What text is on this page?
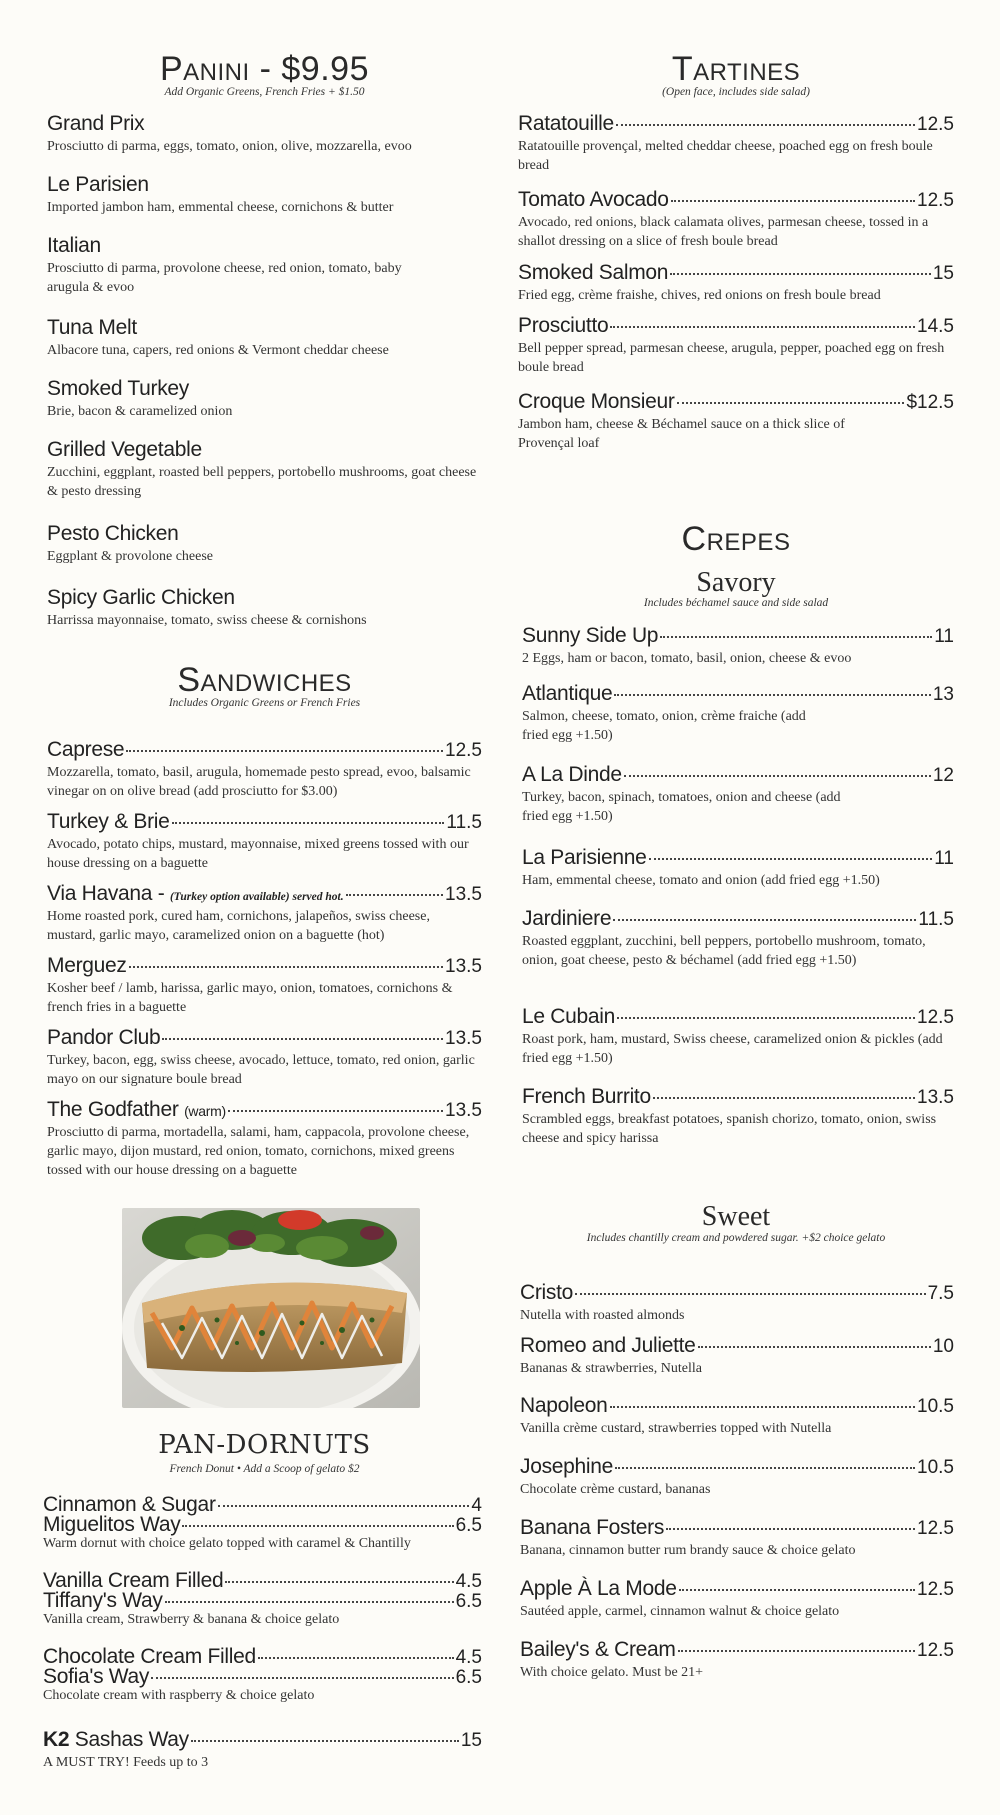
Panini - $9.95
Add Organic Greens, French Fries + $1.50
Grand Prix
Prosciutto di parma, eggs, tomato, onion, olive, mozzarella, evoo
Le Parisien
Imported jambon ham, emmental cheese, cornichons & butter
Italian
Prosciutto di parma, provolone cheese, red onion, tomato, baby arugula & evoo
Tuna Melt
Albacore tuna, capers, red onions & Vermont cheddar cheese
Smoked Turkey
Brie, bacon & caramelized onion
Grilled Vegetable
Zucchini, eggplant, roasted bell peppers, portobello mushrooms, goat cheese & pesto dressing
Pesto Chicken
Eggplant & provolone cheese
Spicy Garlic Chicken
Harrissa mayonnaise, tomato, swiss cheese & cornishons
Sandwiches
Includes Organic Greens or French Fries
Caprese	12.5
Mozzarella, tomato, basil, arugula, homemade pesto spread, evoo, balsamic vinegar on on olive bread (add prosciutto for $3.00)
Turkey & Brie	11.5
Avocado, potato chips, mustard, mayonnaise, mixed greens tossed with our house dressing on a baguette
Via Havana - (Turkey option available) served hot.	13.5
Home roasted pork, cured ham, cornichons, jalapeños, swiss cheese, mustard, garlic mayo, caramelized onion on a baguette (hot)
Merguez	13.5
Kosher beef / lamb, harissa, garlic mayo, onion, tomatoes, cornichons & french fries in a baguette
Pandor Club	13.5
Turkey, bacon, egg, swiss cheese, avocado, lettuce, tomato, red onion, garlic mayo on our signature boule bread
The Godfather (warm)	13.5
Prosciutto di parma, mortadella, salami, ham, cappacola, provolone cheese, garlic mayo, dijon mustard, red onion, tomato, cornichons, mixed greens tossed with our house dressing on a baguette
PAN-DORNUTS
French Donut • Add a Scoop of gelato $2
Cinnamon & Sugar	4
Miguelitos Way	6.5
Warm dornut with choice gelato topped with caramel & Chantilly
Vanilla Cream Filled	4.5
Tiffany's Way	6.5
Vanilla cream, Strawberry & banana & choice gelato
Chocolate Cream Filled	4.5
Sofia's Way	6.5
Chocolate cream with raspberry & choice gelato
K2 Sashas Way	15
A MUST TRY! Feeds up to 3
Tartines
(Open face, includes side salad)
Ratatouille	12.5
Ratatouille provençal, melted cheddar cheese, poached egg on fresh boule bread
Tomato Avocado	12.5
Avocado, red onions, black calamata olives, parmesan cheese, tossed in a shallot dressing on a slice of fresh boule bread
Smoked Salmon	15
Fried egg, crème fraishe, chives, red onions on fresh boule bread
Prosciutto	14.5
Bell pepper spread, parmesan cheese, arugula, pepper, poached egg on fresh boule bread
Croque Monsieur	$12.5
Jambon ham, cheese & Béchamel sauce on a thick slice of Provençal loaf
Crepes
Savory
Includes béchamel sauce and side salad
Sunny Side Up	11
2 Eggs, ham or bacon, tomato, basil, onion, cheese & evoo
Atlantique	13
Salmon, cheese, tomato, onion, crème fraiche (add fried egg +1.50)
A La Dinde	12
Turkey, bacon, spinach, tomatoes, onion and cheese (add fried egg +1.50)
La Parisienne	11
Ham, emmental cheese, tomato and onion (add fried egg +1.50)
Jardiniere	11.5
Roasted eggplant, zucchini, bell peppers, portobello mushroom, tomato, onion, goat cheese, pesto & béchamel (add fried egg +1.50)
Le Cubain	12.5
Roast pork, ham, mustard, Swiss cheese, caramelized onion & pickles (add fried egg +1.50)
French Burrito	13.5
Scrambled eggs, breakfast potatoes, spanish chorizo, tomato, onion, swiss cheese and spicy harissa
Sweet
Includes chantilly cream and powdered sugar. +$2 choice gelato
Cristo	7.5
Nutella with roasted almonds
Romeo and Juliette	10
Bananas & strawberries, Nutella
Napoleon	10.5
Vanilla crème custard, strawberries topped with Nutella
Josephine	10.5
Chocolate crème custard, bananas
Banana Fosters	12.5
Banana, cinnamon butter rum brandy sauce & choice gelato
Apple À La Mode	12.5
Sautéed apple, carmel, cinnamon walnut & choice gelato
Bailey's & Cream	12.5
With choice gelato. Must be 21+
